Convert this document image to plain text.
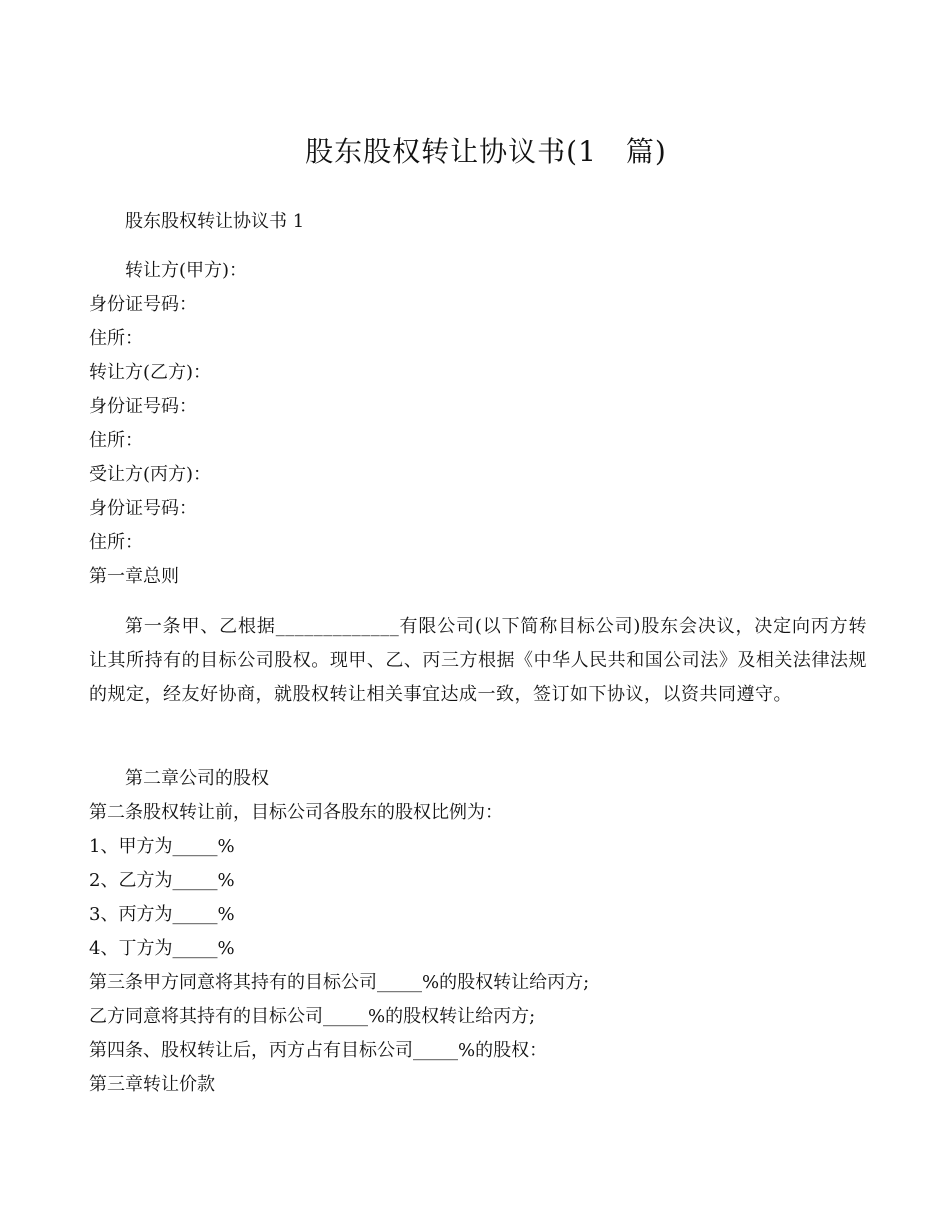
股东股权转让协议书(1　篇)
股东股权转让协议书 1
转让方(甲方)：
身份证号码：
住所：
转让方(乙方)：
身份证号码：
住所：
受让方(丙方)：
身份证号码：
住所：
第一章总则
第一条甲、乙根据_____________有限公司(以下简称目标公司)股东会决议，决定向丙方转让其所持有的目标公司股权。现甲、乙、丙三方根据《中华人民共和国公司法》及相关法律法规的规定，经友好协商，就股权转让相关事宜达成一致，签订如下协议，以资共同遵守。
第二章公司的股权
第二条股权转让前，目标公司各股东的股权比例为：
1、甲方为_____%
2、乙方为_____%
3、丙方为_____%
4、丁方为_____%
第三条甲方同意将其持有的目标公司_____%的股权转让给丙方;
乙方同意将其持有的目标公司_____%的股权转让给丙方;
第四条、股权转让后，丙方占有目标公司_____%的股权：
第三章转让价款
